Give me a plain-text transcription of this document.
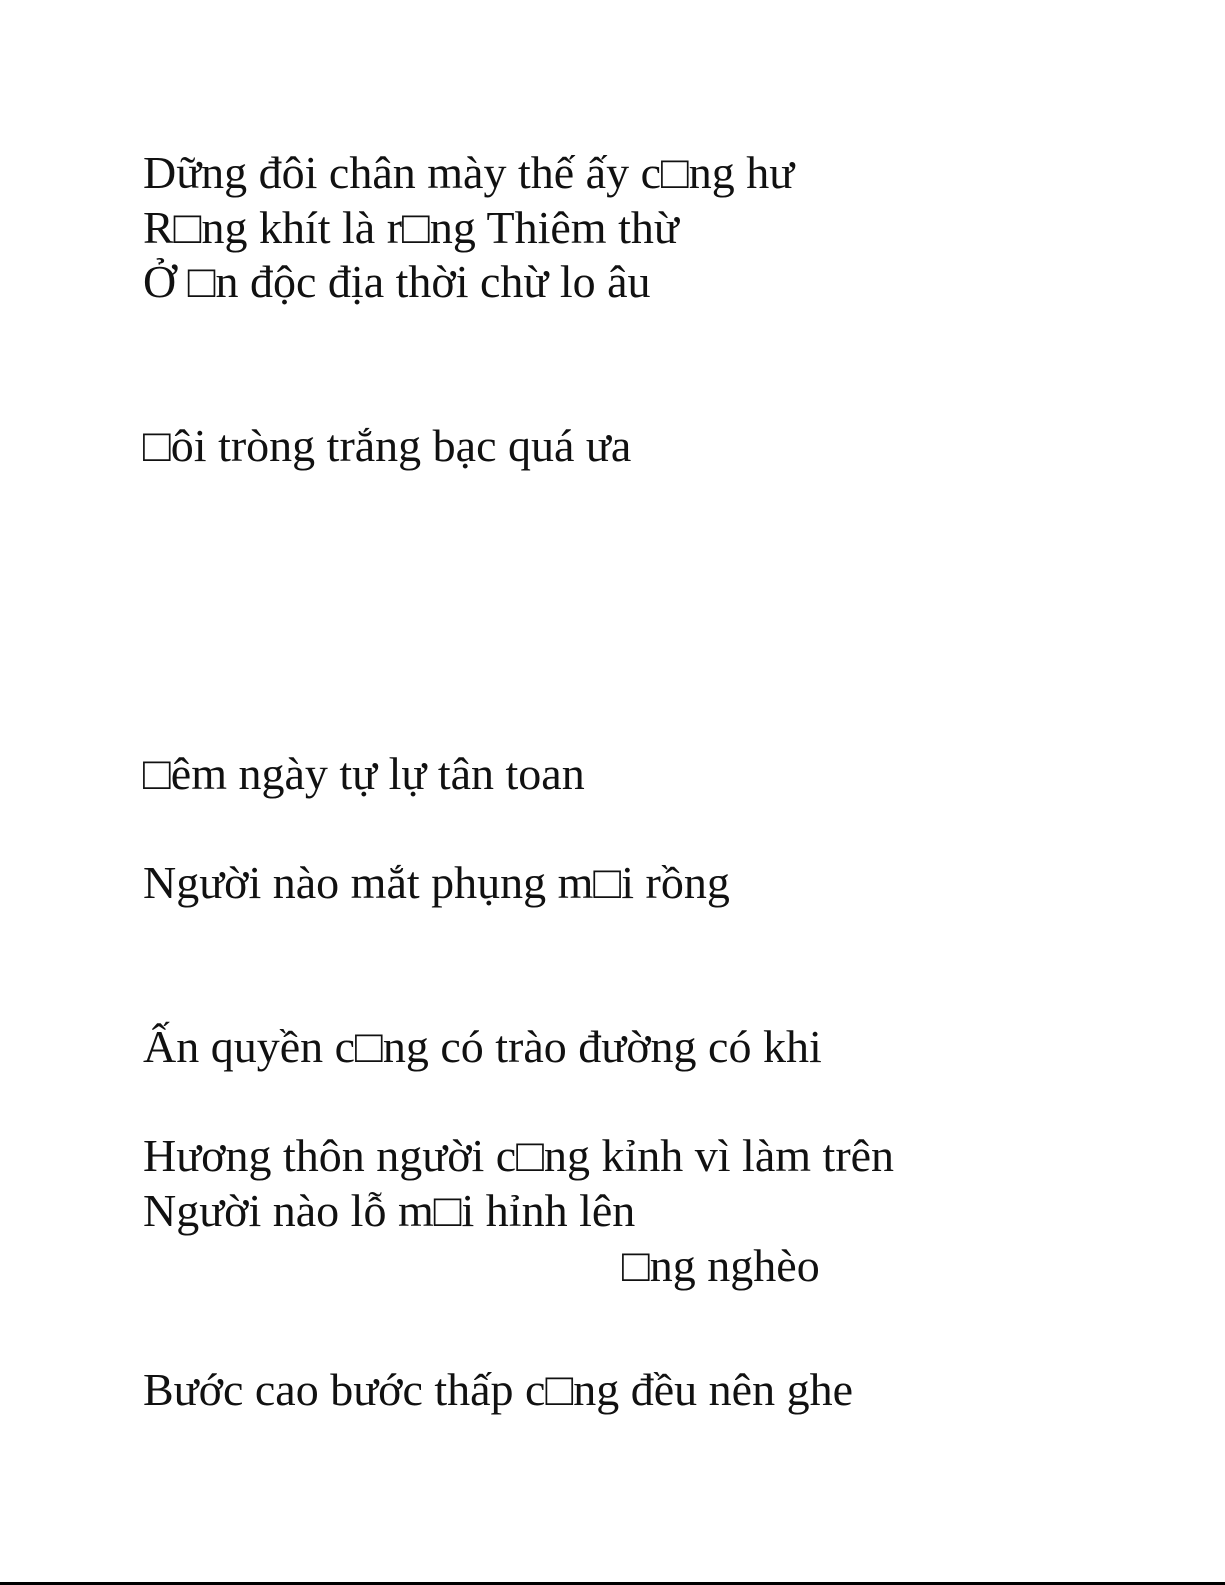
Dững đôi chân mày thế ấy c□ng hư
R□ng khít là r□ng Thiêm thừ
Ở □n độc địa thời chừ lo âu
□ôi tròng trắng bạc quá ưa
□êm ngày tự lự tân toan
Người nào mắt phụng m□i rồng
Ấn quyền c□ng có trào đường có khi
Hương thôn người c□ng kỉnh vì làm trên
Người nào lỗ m□i hỉnh lên
□ng nghèo
Bước cao bước thấp c□ng đều nên ghe
